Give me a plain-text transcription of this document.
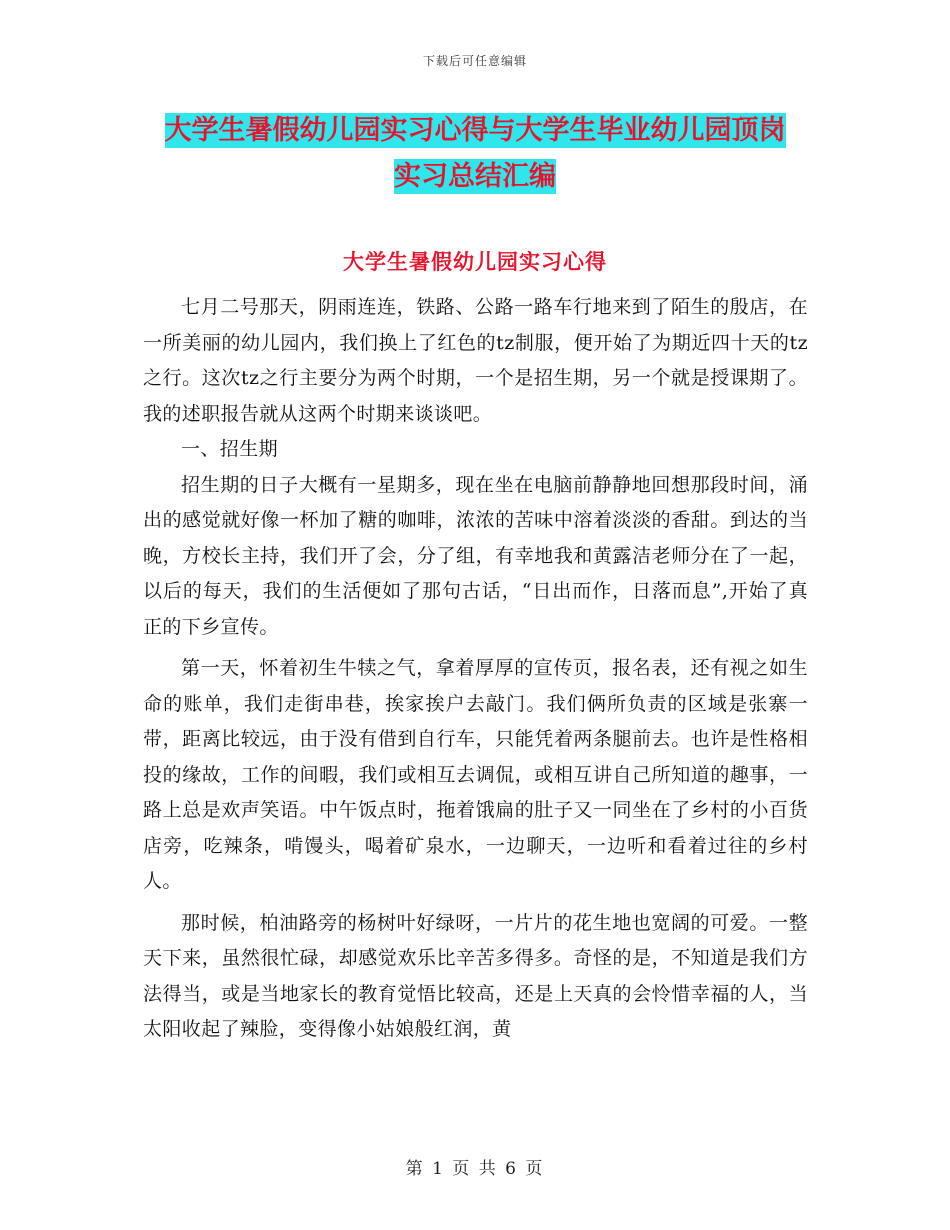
下载后可任意编辑
大学生暑假幼儿园实习心得与大学生毕业幼儿园顶岗
实习总结汇编
大学生暑假幼儿园实习心得

七月二号那天，阴雨连连，铁路、公路一路车行地来到了陌生的殷店，在一所美丽的幼儿园内，我们换上了红色的tz制服，便开始了为期近四十天的tz之行。这次tz之行主要分为两个时期，一个是招生期，另一个就是授课期了。我的述职报告就从这两个时期来谈谈吧。

一、招生期

招生期的日子大概有一星期多，现在坐在电脑前静静地回想那段时间，涌出的感觉就好像一杯加了糖的咖啡，浓浓的苦味中溶着淡淡的香甜。到达的当晚，方校长主持，我们开了会，分了组，有幸地我和黄露洁老师分在了一起，以后的每天，我们的生活便如了那句古话，“日出而作，日落而息”,开始了真正的下乡宣传。

第一天，怀着初生牛犊之气，拿着厚厚的宣传页，报名表，还有视之如生命的账单，我们走街串巷，挨家挨户去敲门。我们俩所负责的区域是张寨一带，距离比较远，由于没有借到自行车，只能凭着两条腿前去。也许是性格相投的缘故，工作的间暇，我们或相互去调侃，或相互讲自己所知道的趣事，一路上总是欢声笑语。中午饭点时，拖着饿扁的肚子又一同坐在了乡村的小百货店旁，吃辣条，啃馒头，喝着矿泉水，一边聊天，一边听和看着过往的乡村人。

那时候，柏油路旁的杨树叶好绿呀，一片片的花生地也宽阔的可爱。一整天下来，虽然很忙碌，却感觉欢乐比辛苦多得多。奇怪的是，不知道是我们方法得当，或是当地家长的教育觉悟比较高，还是上天真的会怜惜幸福的人，当太阳收起了辣脸，变得像小姑娘般红润，黄

第 1 页 共 6 页
